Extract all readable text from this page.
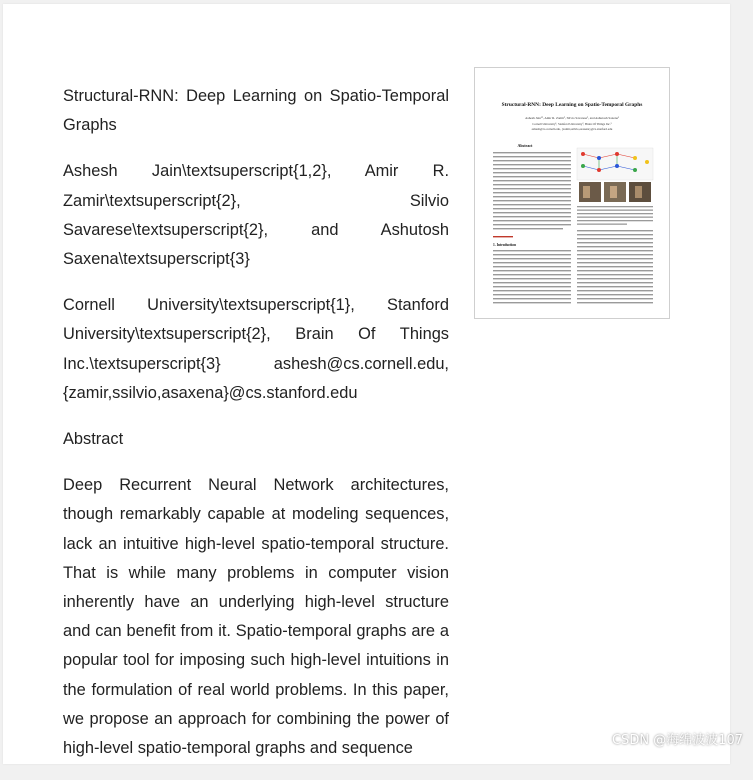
Structural-RNN: Deep Learning on Spatio-Temporal Graphs

Ashesh Jain\textsuperscript{1,2}, Amir R. Zamir\textsuperscript{2}, Silvio Savarese\textsuperscript{2}, and Ashutosh Saxena\textsuperscript{3}

Cornell University\textsuperscript{1}, Stanford University\textsuperscript{2}, Brain Of Things Inc.\textsuperscript{3} ashesh@cs.cornell.edu, {zamir,ssilvio,asaxena}@cs.stanford.edu

Abstract

Deep Recurrent Neural Network architectures, though remarkably capable at modeling sequences, lack an intuitive high-level spatio-temporal structure. That is while many problems in computer vision inherently have an underlying high-level structure and can benefit from it. Spatio-temporal graphs are a popular tool for imposing such high-level intuitions in the formulation of real world problems. In this paper, we propose an approach for combining the power of high-level spatio-temporal graphs and sequence

Structural-RNN: Deep Learning on Spatio-Temporal Graphs
Ashesh Jain¹², Amir R. Zamir², Silvio Savarese², and Ashutosh Saxena³
Cornell University¹, Stanford University², Brain Of Things Inc.³
ashesh@cs.cornell.edu, {zamir,ssilvio,asaxena}@cs.stanford.edu
Abstract
1. Introduction
CSDN @海绵波波107
